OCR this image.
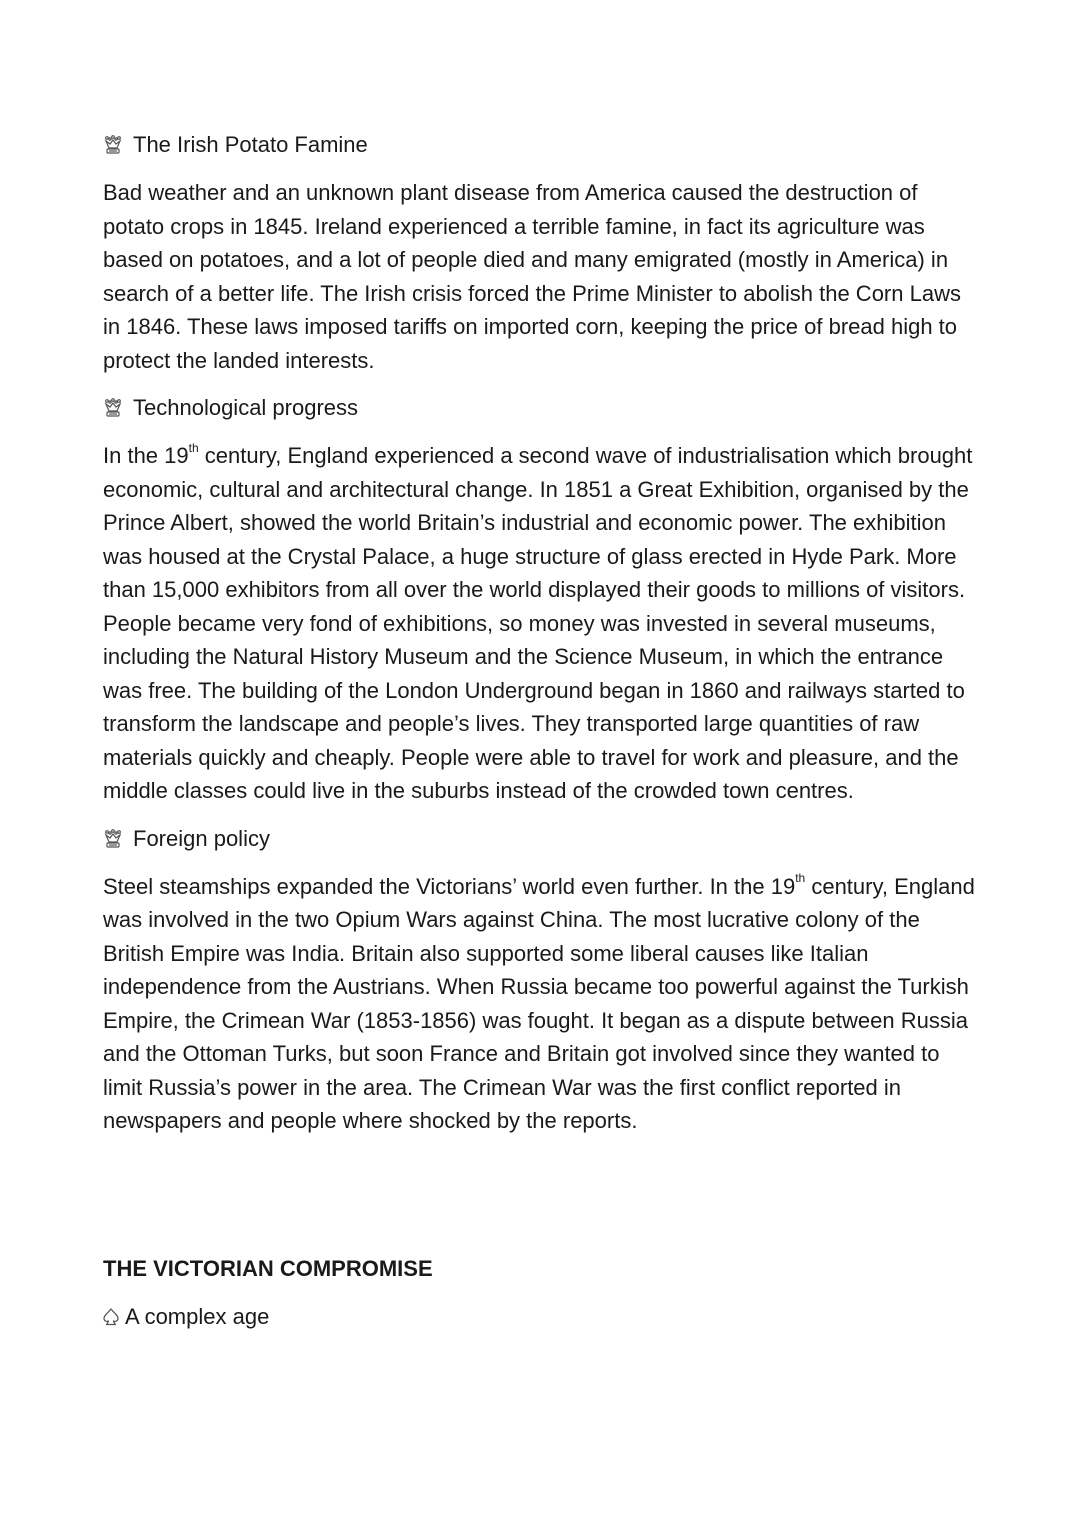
The Irish Potato Famine

Bad weather and an unknown plant disease from America caused the destruction of potato crops in 1845. Ireland experienced a terrible famine, in fact its agriculture was based on potatoes, and a lot of people died and many emigrated (mostly in America) in search of a better life. The Irish crisis forced the Prime Minister to abolish the Corn Laws in 1846. These laws imposed tariffs on imported corn, keeping the price of bread high to protect the landed interests.

Technological progress

In the 19th century, England experienced a second wave of industrialisation which brought economic, cultural and architectural change. In 1851 a Great Exhibition, organised by the Prince Albert, showed the world Britain’s industrial and economic power. The exhibition was housed at the Crystal Palace, a huge structure of glass erected in Hyde Park. More than 15,000 exhibitors from all over the world displayed their goods to millions of visitors. People became very fond of exhibitions, so money was invested in several museums, including the Natural History Museum and the Science Museum, in which the entrance was free. The building of the London Underground began in 1860 and railways started to transform the landscape and people’s lives. They transported large quantities of raw materials quickly and cheaply. People were able to travel for work and pleasure, and the middle classes could live in the suburbs instead of the crowded town centres.

Foreign policy

Steel steamships expanded the Victorians’ world even further. In the 19th century, England was involved in the two Opium Wars against China. The most lucrative colony of the British Empire was India. Britain also supported some liberal causes like Italian independence from the Austrians. When Russia became too powerful against the Turkish Empire, the Crimean War (1853-1856) was fought. It began as a dispute between Russia and the Ottoman Turks, but soon France and Britain got involved since they wanted to limit Russia’s power in the area. The Crimean War was the first conflict reported in newspapers and people where shocked by the reports.

THE VICTORIAN COMPROMISE
A complex age
